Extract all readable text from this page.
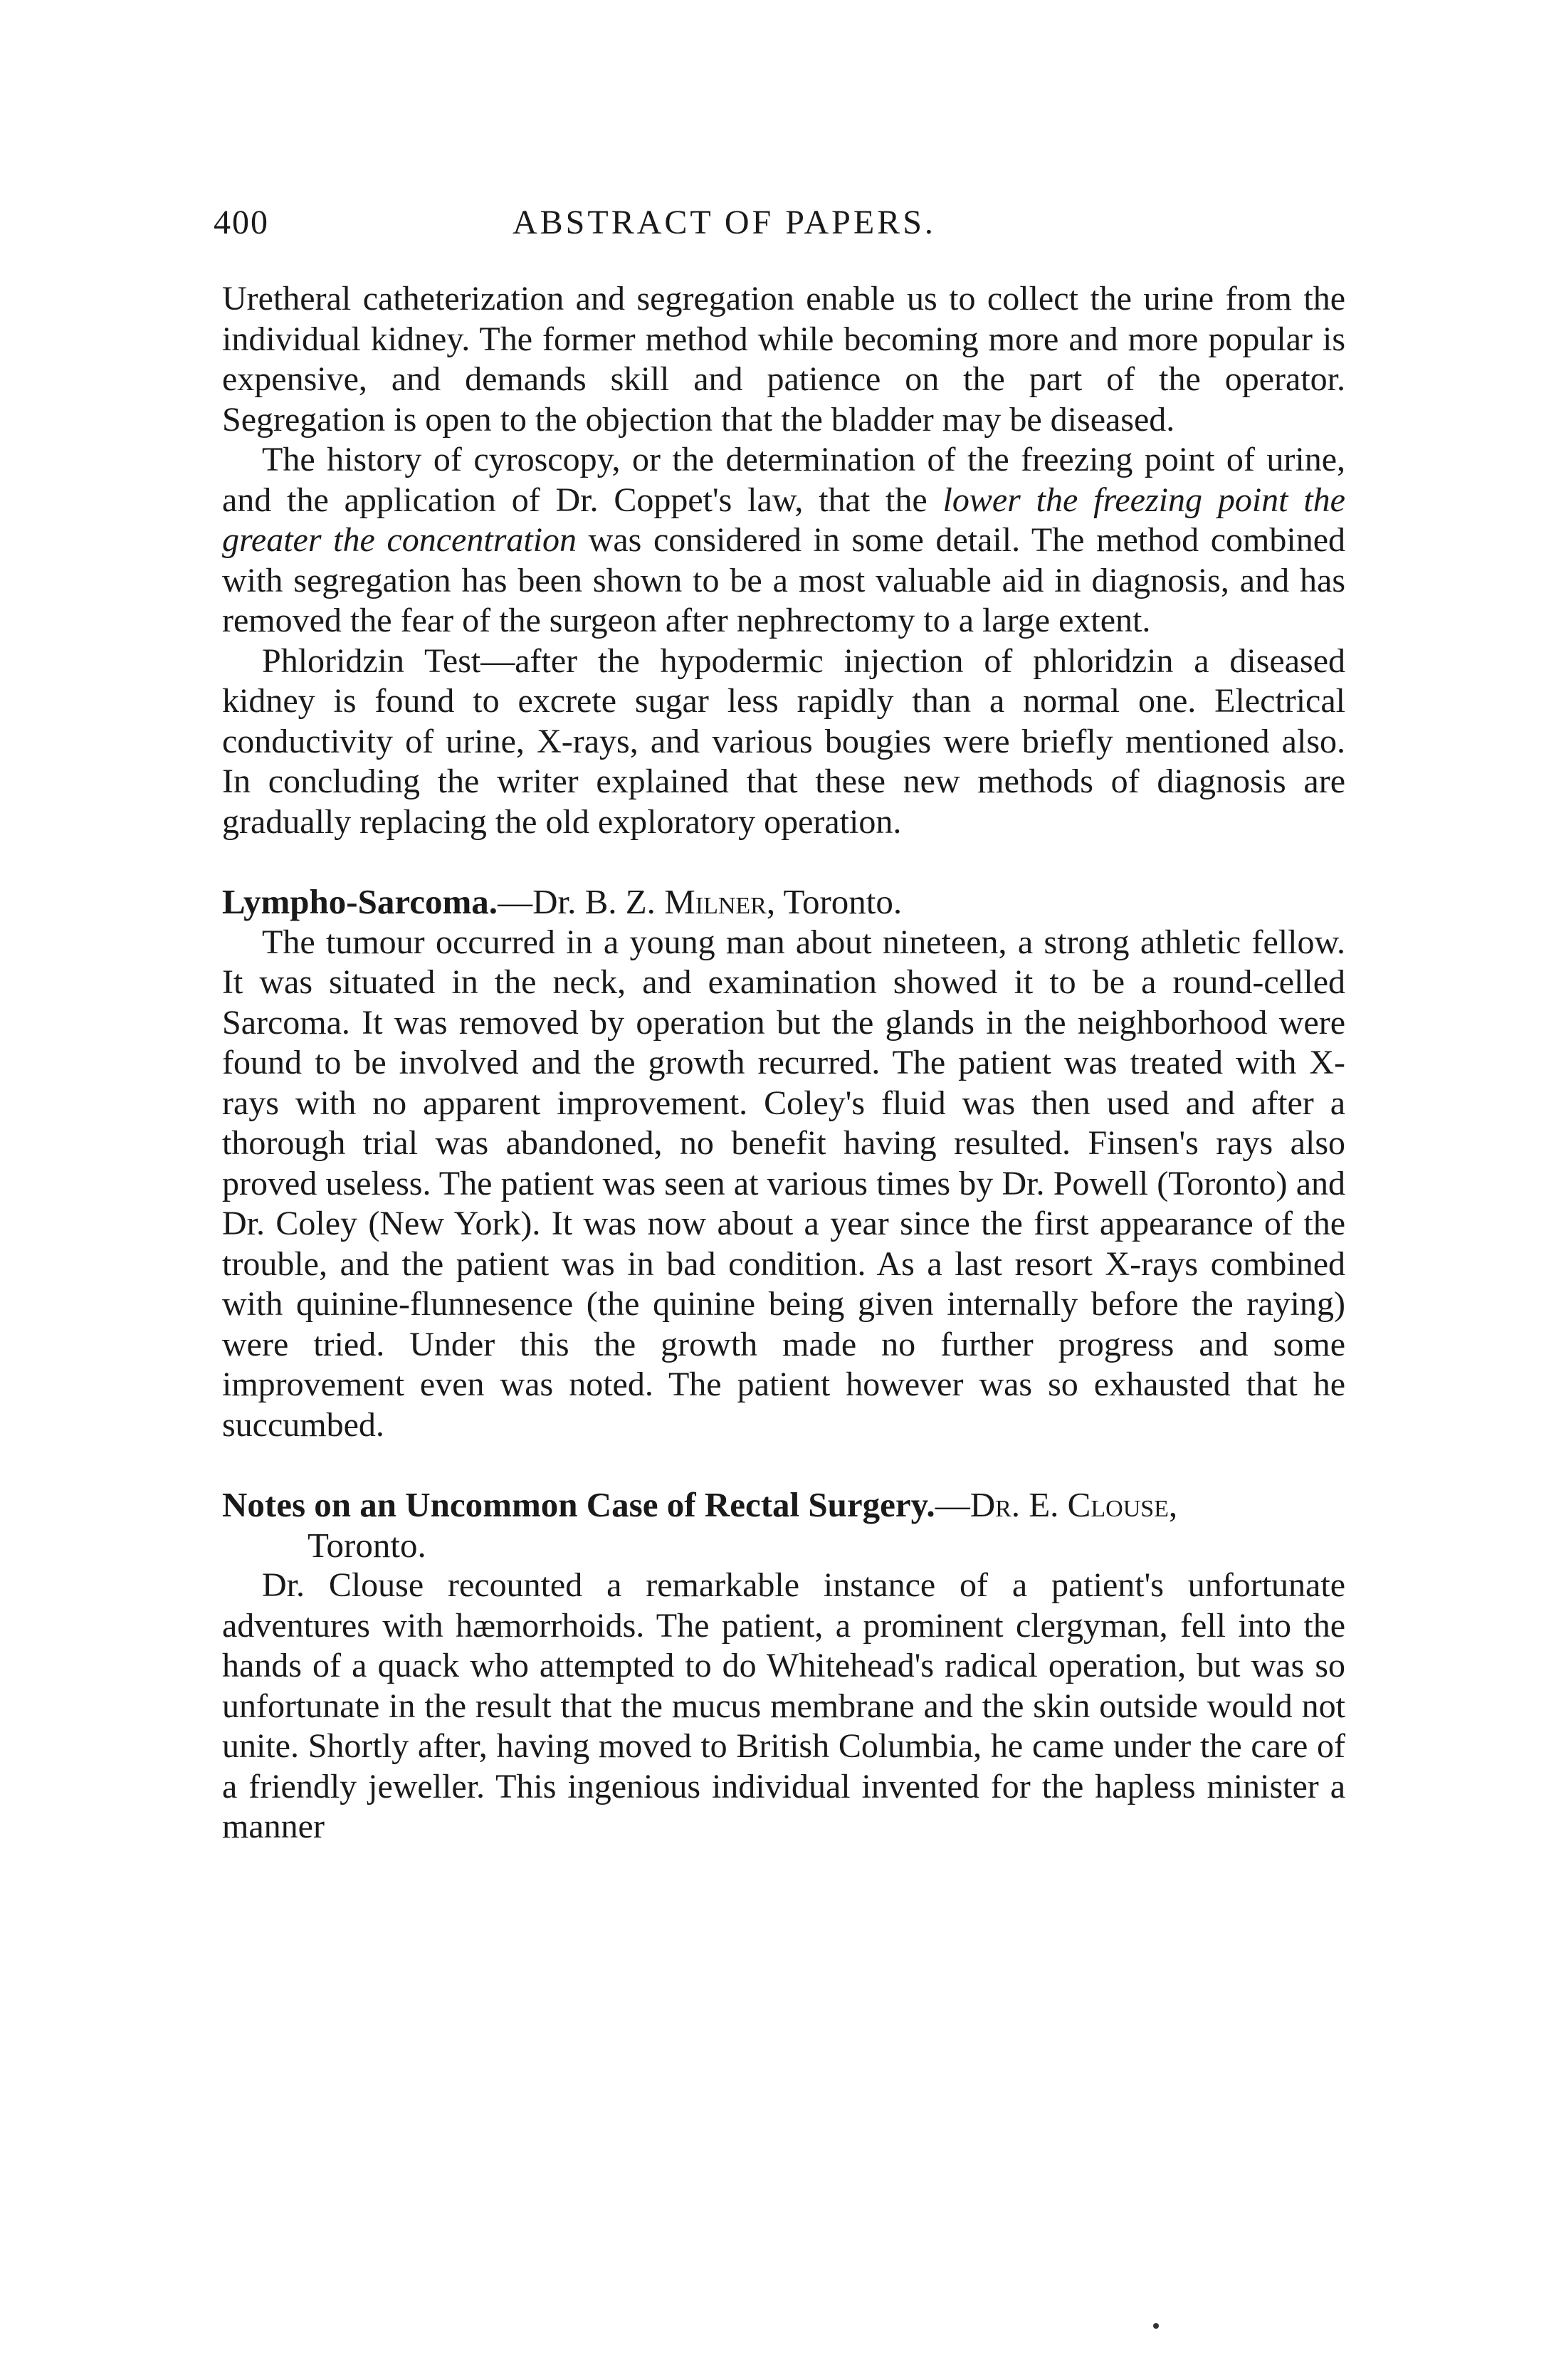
400	ABSTRACT OF PAPERS.

Uretheral catheterization and segregation enable us to collect the urine from the individual kidney. The former method while becoming more and more popular is expensive, and demands skill and patience on the part of the operator. Segregation is open to the objection that the bladder may be diseased.

The history of cyroscopy, or the determination of the freezing point of urine, and the application of Dr. Coppet's law, that the lower the freezing point the greater the concentration was considered in some detail. The method combined with segregation has been shown to be a most valuable aid in diagnosis, and has removed the fear of the surgeon after nephrectomy to a large extent.

Phloridzin Test—after the hypodermic injection of phloridzin a diseased kidney is found to excrete sugar less rapidly than a normal one. Electrical conductivity of urine, X-rays, and various bougies were briefly mentioned also. In concluding the writer explained that these new methods of diagnosis are gradually replacing the old exploratory operation.

Lympho-Sarcoma.—Dr. B. Z. Milner, Toronto.

The tumour occurred in a young man about nineteen, a strong athletic fellow. It was situated in the neck, and examination showed it to be a round-celled Sarcoma. It was removed by operation but the glands in the neighborhood were found to be involved and the growth recurred. The patient was treated with X-rays with no apparent improvement. Coley's fluid was then used and after a thorough trial was abandoned, no benefit having resulted. Finsen's rays also proved useless. The patient was seen at various times by Dr. Powell (Toronto) and Dr. Coley (New York). It was now about a year since the first appearance of the trouble, and the patient was in bad condition. As a last resort X-rays combined with quinine-flunnesence (the quinine being given internally before the raying) were tried. Under this the growth made no further progress and some improvement even was noted. The patient however was so exhausted that he succumbed.

Notes on an Uncommon Case of Rectal Surgery.—Dr. E. Clouse,
Toronto.

Dr. Clouse recounted a remarkable instance of a patient's unfortunate adventures with hæmorrhoids. The patient, a prominent clergyman, fell into the hands of a quack who attempted to do Whitehead's radical operation, but was so unfortunate in the result that the mucus membrane and the skin outside would not unite. Shortly after, having moved to British Columbia, he came under the care of a friendly jeweller. This ingenious individual invented for the hapless minister a manner
